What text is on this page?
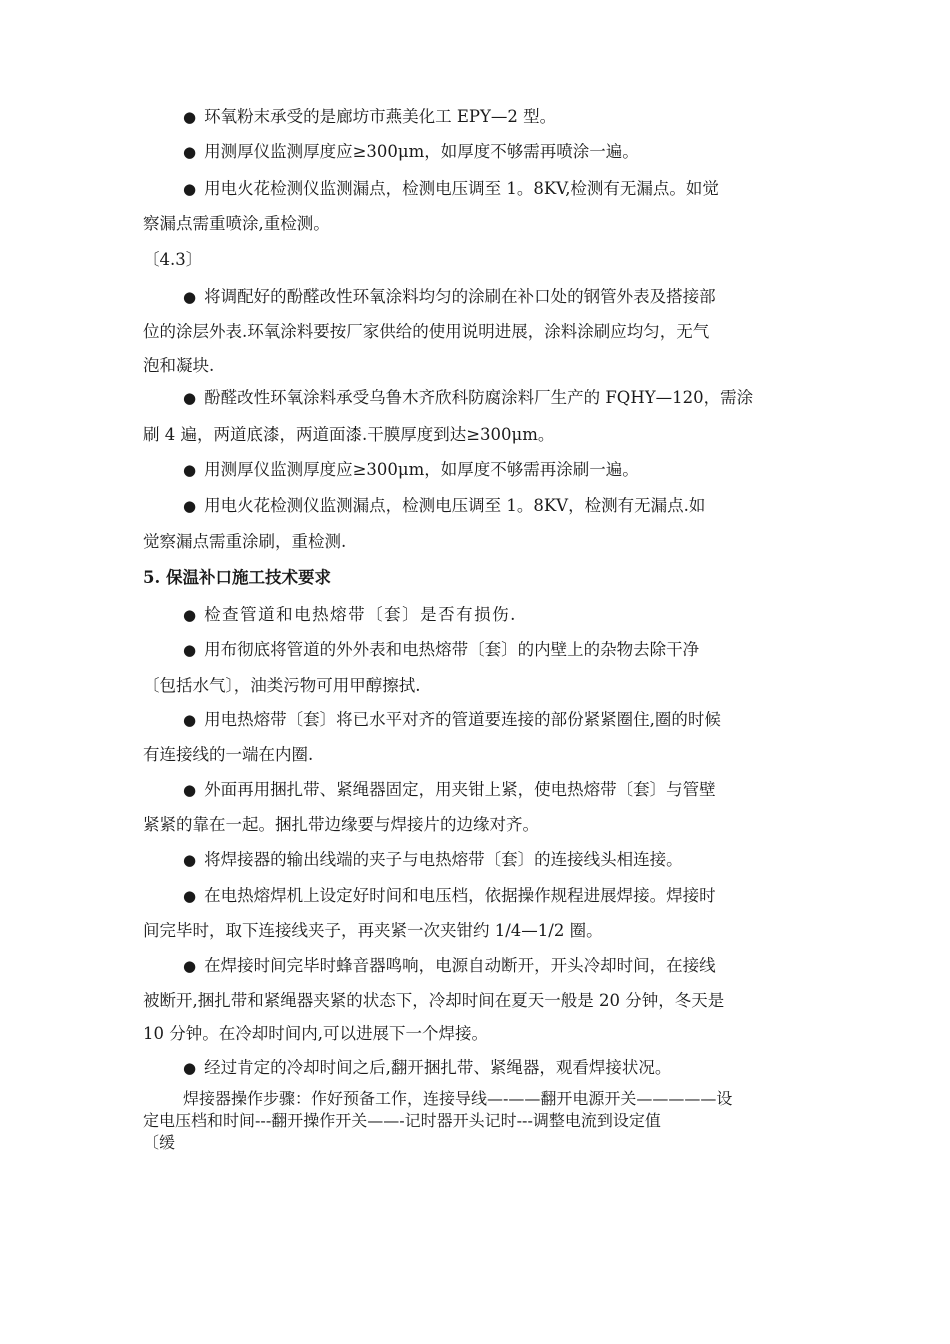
● 环氧粉末承受的是廊坊市燕美化工 EPY—2 型。
● 用测厚仪监测厚度应≥300μm，如厚度不够需再喷涂一遍。
● 用电火花检测仪监测漏点，检测电压调至 1。8KV,检测有无漏点。如觉
察漏点需重喷涂,重检测。
〔4.3〕
● 将调配好的酚醛改性环氧涂料均匀的涂刷在补口处的钢管外表及搭接部
位的涂层外表.环氧涂料要按厂家供给的使用说明进展，涂料涂刷应均匀，无气
泡和凝块.
● 酚醛改性环氧涂料承受乌鲁木齐欣科防腐涂料厂生产的 FQHY—120，需涂
刷 4 遍，两道底漆，两道面漆.干膜厚度到达≥300μm。
● 用测厚仪监测厚度应≥300μm，如厚度不够需再涂刷一遍。
● 用电火花检测仪监测漏点，检测电压调至 1。8KV，检测有无漏点.如
觉察漏点需重涂刷，重检测.
5. 保温补口施工技术要求
● 检查管道和电热熔带〔套〕是否有损伤.
● 用布彻底将管道的外外表和电热熔带〔套〕的内壁上的杂物去除干净
〔包括水气〕，油类污物可用甲醇擦拭.
● 用电热熔带〔套〕将已水平对齐的管道要连接的部份紧紧圈住,圈的时候
有连接线的一端在内圈.
● 外面再用捆扎带、紧绳器固定，用夹钳上紧，使电热熔带〔套〕与管壁
紧紧的靠在一起。捆扎带边缘要与焊接片的边缘对齐。
● 将焊接器的输出线端的夹子与电热熔带〔套〕的连接线头相连接。
● 在电热熔焊机上设定好时间和电压档，依据操作规程进展焊接。焊接时
间完毕时，取下连接线夹子，再夹紧一次夹钳约 1/4—1/2 圈。
● 在焊接时间完毕时蜂音器鸣响，电源自动断开，开头冷却时间，在接线
被断开,捆扎带和紧绳器夹紧的状态下，冷却时间在夏天一般是 20 分钟，冬天是
10 分钟。在冷却时间内,可以进展下一个焊接。
● 经过肯定的冷却时间之后,翻开捆扎带、紧绳器，观看焊接状况。
焊接器操作步骤：作好预备工作，连接导线—-——翻开电源开关—————设
定电压档和时间---翻开操作开关——-记时器开头记时---调整电流到设定值
〔缓
